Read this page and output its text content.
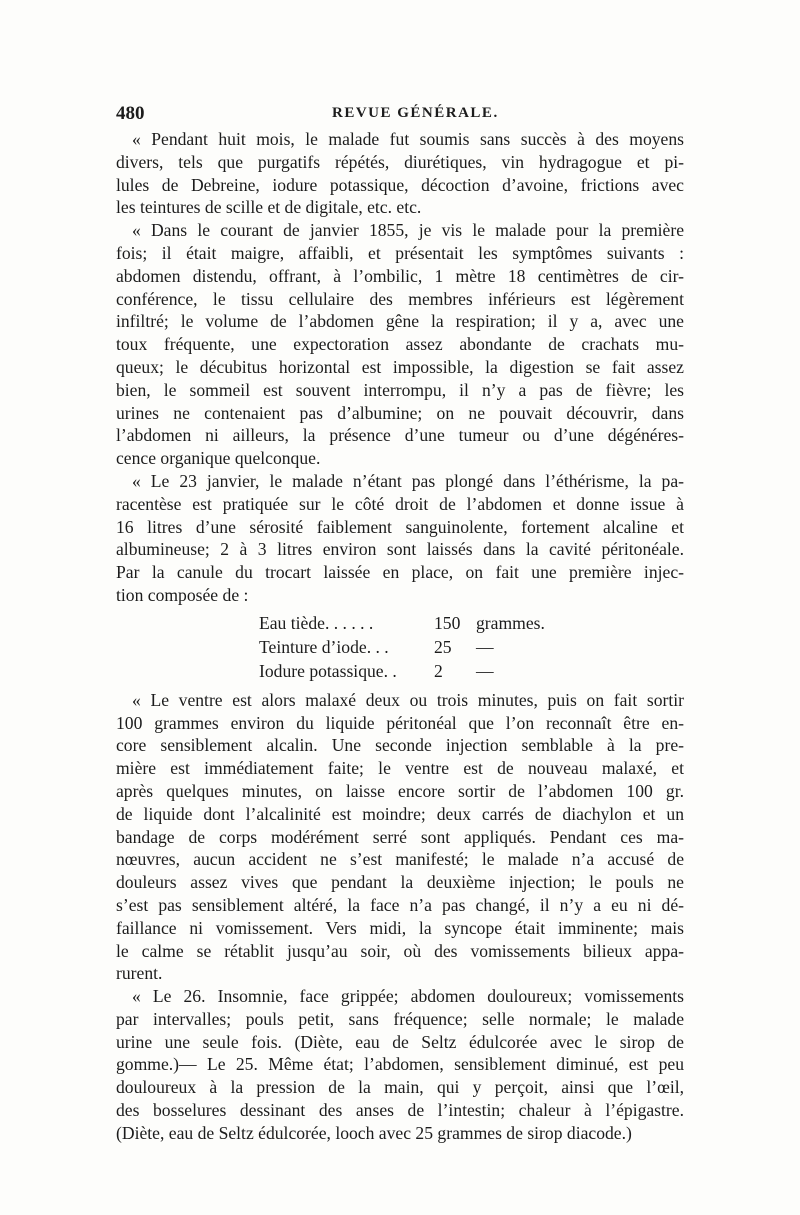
480	REVUE GÉNÉRALE.
« Pendant huit mois, le malade fut soumis sans succès à des moyens
divers, tels que purgatifs répétés, diurétiques, vin hydragogue et pi-
lules de Debreine, iodure potassique, décoction d’avoine, frictions avec
les teintures de scille et de digitale, etc. etc.
« Dans le courant de janvier 1855, je vis le malade pour la première
fois; il était maigre, affaibli, et présentait les symptômes suivants :
abdomen distendu, offrant, à l’ombilic, 1 mètre 18 centimètres de cir-
conférence, le tissu cellulaire des membres inférieurs est légèrement
infiltré; le volume de l’abdomen gêne la respiration; il y a, avec une
toux fréquente, une expectoration assez abondante de crachats mu-
queux; le décubitus horizontal est impossible, la digestion se fait assez
bien, le sommeil est souvent interrompu, il n’y a pas de fièvre; les
urines ne contenaient pas d’albumine; on ne pouvait découvrir, dans
l’abdomen ni ailleurs, la présence d’une tumeur ou d’une dégénéres-
cence organique quelconque.
« Le 23 janvier, le malade n’étant pas plongé dans l’éthérisme, la pa-
racentèse est pratiquée sur le côté droit de l’abdomen et donne issue à
16 litres d’une sérosité faiblement sanguinolente, fortement alcaline et
albumineuse; 2 à 3 litres environ sont laissés dans la cavité péritonéale.
Par la canule du trocart laissée en place, on fait une première injec-
tion composée de :
Eau tiède. . . . . .	150 grammes.
Teinture d’iode. . .	25	—
Iodure potassique. .	2	—
« Le ventre est alors malaxé deux ou trois minutes, puis on fait sortir
100 grammes environ du liquide péritonéal que l’on reconnaît être en-
core sensiblement alcalin. Une seconde injection semblable à la pre-
mière est immédiatement faite; le ventre est de nouveau malaxé, et
après quelques minutes, on laisse encore sortir de l’abdomen 100 gr.
de liquide dont l’alcalinité est moindre; deux carrés de diachylon et un
bandage de corps modérément serré sont appliqués. Pendant ces ma-
nœuvres, aucun accident ne s’est manifesté; le malade n’a accusé de
douleurs assez vives que pendant la deuxième injection; le pouls ne
s’est pas sensiblement altéré, la face n’a pas changé, il n’y a eu ni dé-
faillance ni vomissement. Vers midi, la syncope était imminente; mais
le calme se rétablit jusqu’au soir, où des vomissements bilieux appa-
rurent.
« Le 26. Insomnie, face grippée; abdomen douloureux; vomissements
par intervalles; pouls petit, sans fréquence; selle normale; le malade
urine une seule fois. (Diète, eau de Seltz édulcorée avec le sirop de
gomme.)— Le 25. Même état; l’abdomen, sensiblement diminué, est peu
douloureux à la pression de la main, qui y perçoit, ainsi que l’œil,
des bosselures dessinant des anses de l’intestin; chaleur à l’épigastre.
(Diète, eau de Seltz édulcorée, looch avec 25 grammes de sirop diacode.)
